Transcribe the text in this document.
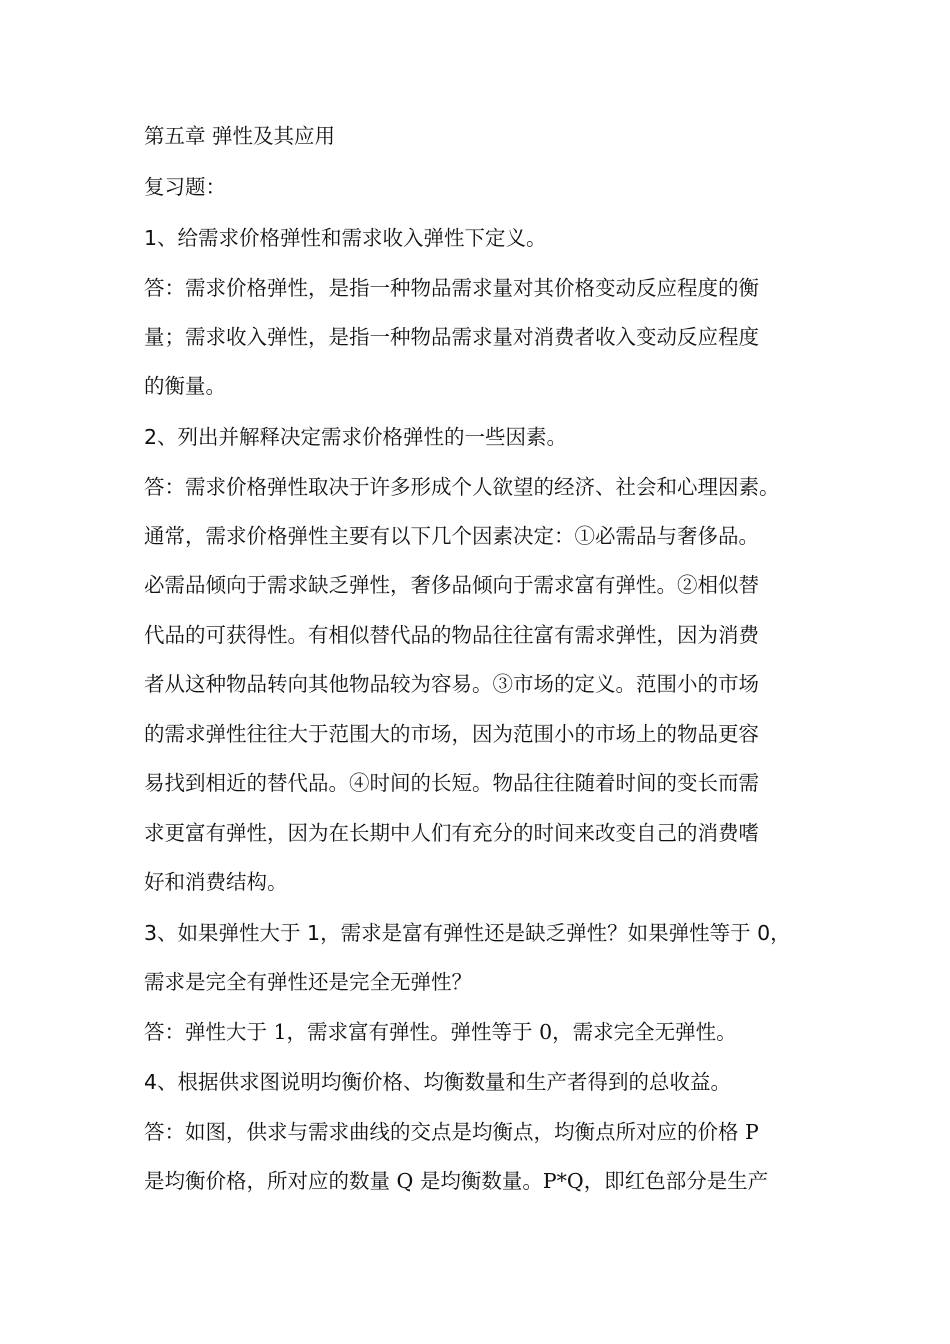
第五章 弹性及其应用
复习题：
1、给需求价格弹性和需求收入弹性下定义。
答：需求价格弹性，是指一种物品需求量对其价格变动反应程度的衡
量；需求收入弹性，是指一种物品需求量对消费者收入变动反应程度
的衡量。
2、列出并解释决定需求价格弹性的一些因素。
答：需求价格弹性取决于许多形成个人欲望的经济、社会和心理因素。
通常，需求价格弹性主要有以下几个因素决定：①必需品与奢侈品。
必需品倾向于需求缺乏弹性，奢侈品倾向于需求富有弹性。②相似替
代品的可获得性。有相似替代品的物品往往富有需求弹性，因为消费
者从这种物品转向其他物品较为容易。③市场的定义。范围小的市场
的需求弹性往往大于范围大的市场，因为范围小的市场上的物品更容
易找到相近的替代品。④时间的长短。物品往往随着时间的变长而需
求更富有弹性，因为在长期中人们有充分的时间来改变自己的消费嗜
好和消费结构。
3、如果弹性大于 1，需求是富有弹性还是缺乏弹性？如果弹性等于 0，
需求是完全有弹性还是完全无弹性？
答：弹性大于 1，需求富有弹性。弹性等于 0，需求完全无弹性。
4、根据供求图说明均衡价格、均衡数量和生产者得到的总收益。
答：如图，供求与需求曲线的交点是均衡点，均衡点所对应的价格 P
是均衡价格，所对应的数量 Q 是均衡数量。P*Q，即红色部分是生产
